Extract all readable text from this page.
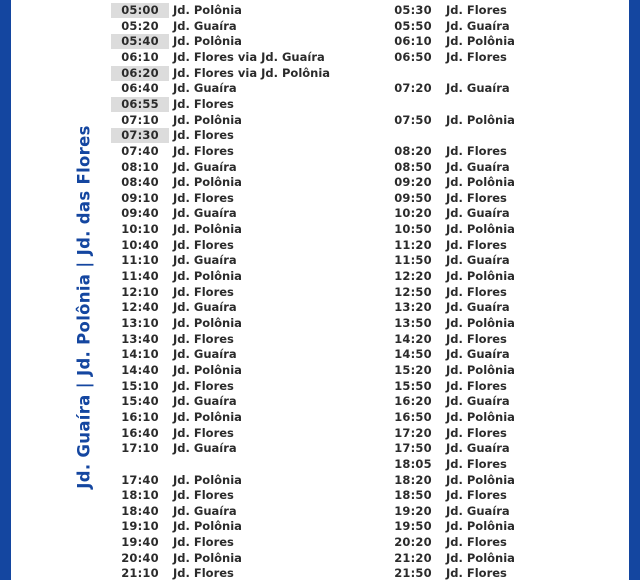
Jd. Guaíra | Jd. Polônia | Jd. das Flores
05:00	Jd. Polônia
05:20	Jd. Guaíra
05:40	Jd. Polônia
06:10	Jd. Flores via Jd. Guaíra
06:20	Jd. Flores via Jd. Polônia
06:40	Jd. Guaíra
06:55	Jd. Flores
07:10	Jd. Polônia
07:30	Jd. Flores
07:40	Jd. Flores
08:10	Jd. Guaíra
08:40	Jd. Polônia
09:10	Jd. Flores
09:40	Jd. Guaíra
10:10	Jd. Polônia
10:40	Jd. Flores
11:10	Jd. Guaíra
11:40	Jd. Polônia
12:10	Jd. Flores
12:40	Jd. Guaíra
13:10	Jd. Polônia
13:40	Jd. Flores
14:10	Jd. Guaíra
14:40	Jd. Polônia
15:10	Jd. Flores
15:40	Jd. Guaíra
16:10	Jd. Polônia
16:40	Jd. Flores
17:10	Jd. Guaíra
17:40	Jd. Polônia
18:10	Jd. Flores
18:40	Jd. Guaíra
19:10	Jd. Polônia
19:40	Jd. Flores
20:40	Jd. Polônia
21:10	Jd. Flores
05:30	Jd. Flores
05:50	Jd. Guaíra
06:10	Jd. Polônia
06:50	Jd. Flores
07:20	Jd. Guaíra
07:50	Jd. Polônia
08:20	Jd. Flores
08:50	Jd. Guaíra
09:20	Jd. Polônia
09:50	Jd. Flores
10:20	Jd. Guaíra
10:50	Jd. Polônia
11:20	Jd. Flores
11:50	Jd. Guaíra
12:20	Jd. Polônia
12:50	Jd. Flores
13:20	Jd. Guaíra
13:50	Jd. Polônia
14:20	Jd. Flores
14:50	Jd. Guaíra
15:20	Jd. Polônia
15:50	Jd. Flores
16:20	Jd. Guaíra
16:50	Jd. Polônia
17:20	Jd. Flores
17:50	Jd. Guaíra
18:05	Jd. Flores
18:20	Jd. Polônia
18:50	Jd. Flores
19:20	Jd. Guaíra
19:50	Jd. Polônia
20:20	Jd. Flores
21:20	Jd. Polônia
21:50	Jd. Flores
